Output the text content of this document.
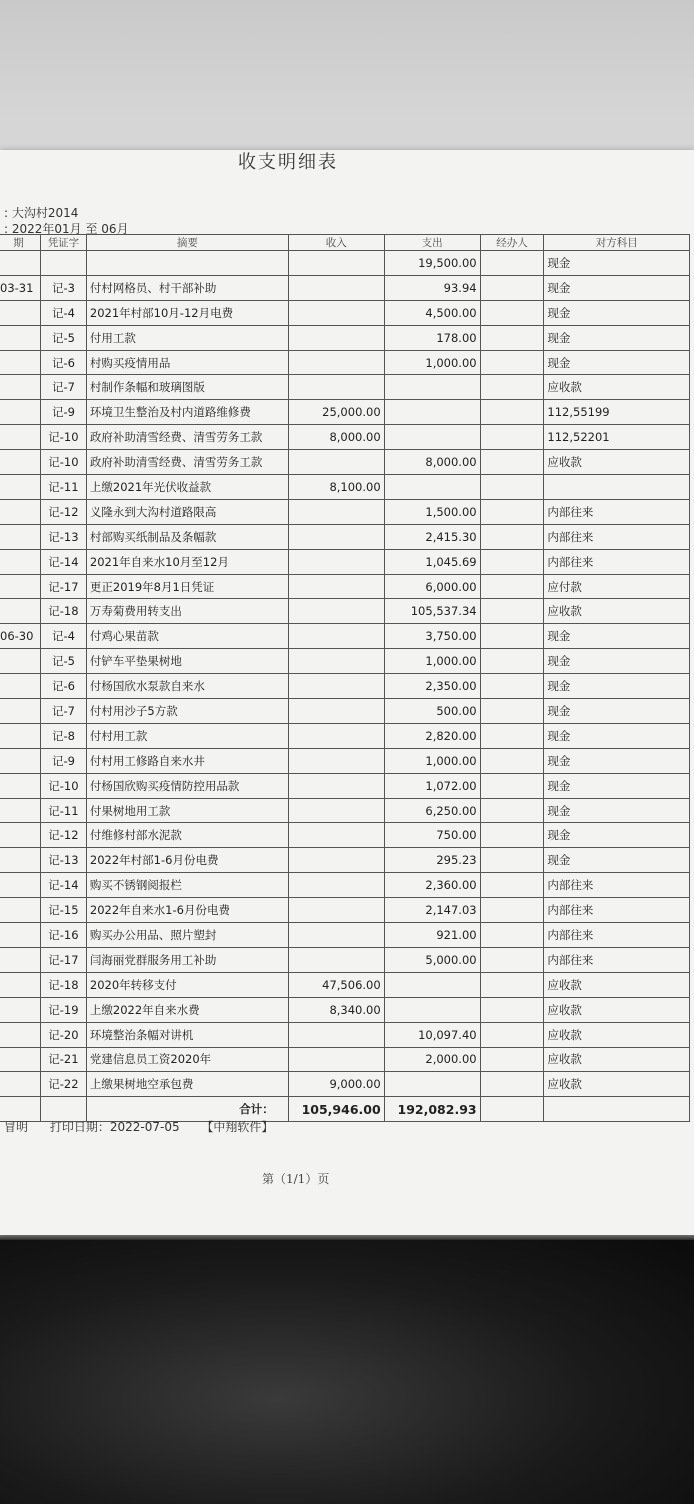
收支明细表
: 大沟村2014
: 2022年01月 至 06月
期	凭证字	摘要	收入	支出	经办人	对方科目
				19,500.00		现金
03-31	记-3	付村网格员、村干部补助		93.94		现金
	记-4	2021年村部10月-12月电费		4,500.00		现金
	记-5	付用工款		178.00		现金
	记-6	村购买疫情用品		1,000.00		现金
	记-7	村制作条幅和玻璃图版				应收款
	记-9	环境卫生整治及村内道路维修费	25,000.00			112,55199
	记-10	政府补助清雪经费、清雪劳务工款	8,000.00			112,52201
	记-10	政府补助清雪经费、清雪劳务工款		8,000.00		应收款
	记-11	上缴2021年光伏收益款	8,100.00			
	记-12	义隆永到大沟村道路限高		1,500.00		内部往来
	记-13	村部购买纸制品及条幅款		2,415.30		内部往来
	记-14	2021年自来水10月至12月		1,045.69		内部往来
	记-17	更正2019年8月1日凭证		6,000.00		应付款
	记-18	万寿菊费用转支出		105,537.34		应收款
06-30	记-4	付鸡心果苗款		3,750.00		现金
	记-5	付铲车平垫果树地		1,000.00		现金
	记-6	付杨国欣水泵款自来水		2,350.00		现金
	记-7	付村用沙子5方款		500.00		现金
	记-8	付村用工款		2,820.00		现金
	记-9	付村用工修路自来水井		1,000.00		现金
	记-10	付杨国欣购买疫情防控用品款		1,072.00		现金
	记-11	付果树地用工款		6,250.00		现金
	记-12	付维修村部水泥款		750.00		现金
	记-13	2022年村部1-6月份电费		295.23		现金
	记-14	购买不锈钢阅报栏		2,360.00		内部往来
	记-15	2022年自来水1-6月份电费		2,147.03		内部往来
	记-16	购买办公用品、照片塑封		921.00		内部往来
	记-17	闫海丽党群服务用工补助		5,000.00		内部往来
	记-18	2020年转移支付	47,506.00			应收款
	记-19	上缴2022年自来水费	8,340.00			应收款
	记-20	环境整治条幅对讲机		10,097.40		应收款
	记-21	党建信息员工资2020年		2,000.00		应收款
	记-22	上缴果树地空承包费	9,000.00			应收款
		合计：	105,946.00	192,082.93		
冒明 打印日期：2022-07-05 【中翔软件】
第（1/1）页
